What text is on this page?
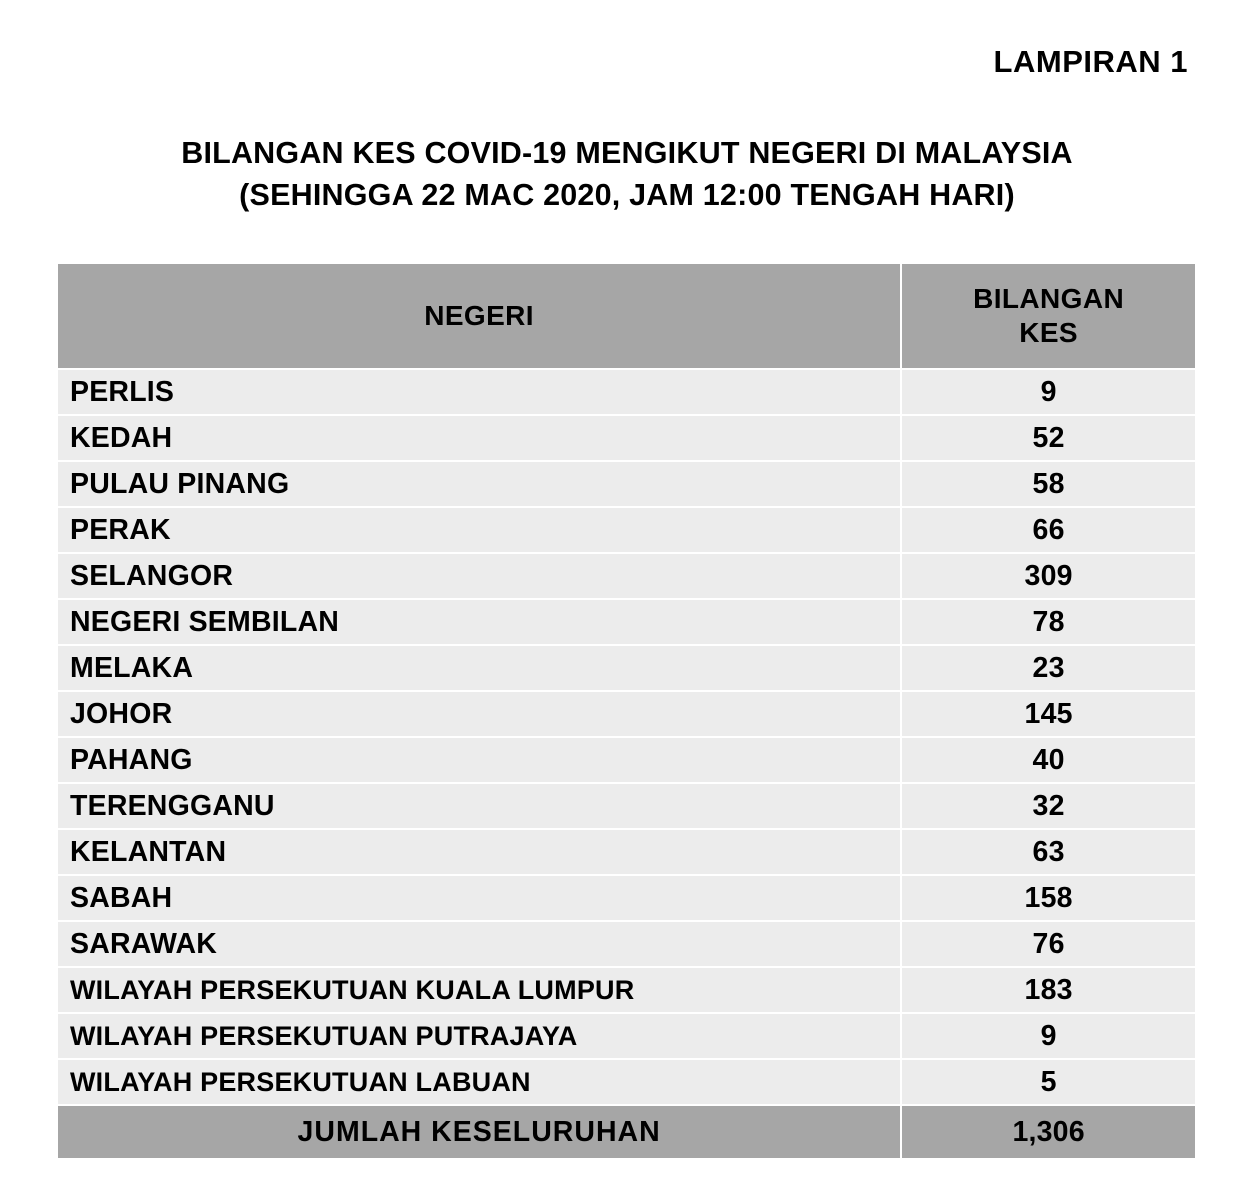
LAMPIRAN 1
BILANGAN KES COVID-19 MENGIKUT NEGERI DI MALAYSIA
(SEHINGGA 22 MAC 2020, JAM 12:00 TENGAH HARI)
NEGERI	BILANGAN
KES

PERLIS	9
KEDAH	52
PULAU PINANG	58
PERAK	66
SELANGOR	309
NEGERI SEMBILAN	78
MELAKA	23
JOHOR	145
PAHANG	40
TERENGGANU	32
KELANTAN	63
SABAH	158
SARAWAK	76
WILAYAH PERSEKUTUAN KUALA LUMPUR	183
WILAYAH PERSEKUTUAN PUTRAJAYA	9
WILAYAH PERSEKUTUAN LABUAN	5
JUMLAH KESELURUHAN	1,306
